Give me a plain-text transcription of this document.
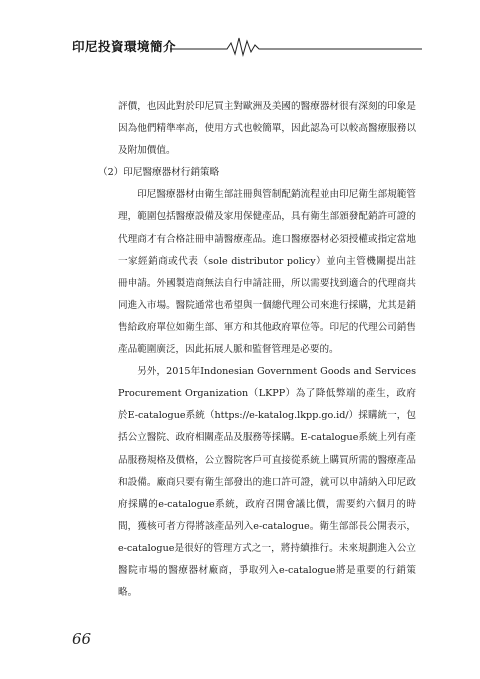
印尼投資環境簡介

評價，也因此對於印尼買主對歐洲及美國的醫療器材很有深刻的印象是因為他們精準率高，使用方式也較簡單，因此認為可以較高醫療服務以及附加價值。

（2）印尼醫療器材行銷策略

印尼醫療器材由衛生部註冊與管制配銷流程並由印尼衛生部規範管理，範圍包括醫療設備及家用保健產品，具有衛生部頒發配銷許可證的代理商才有合格註冊申請醫療產品。進口醫療器材必須授權或指定當地一家經銷商或代表（sole distributor policy）並向主管機關提出註冊申請。外國製造商無法自行申請註冊，所以需要找到適合的代理商共同進入市場。醫院通常也希望與一個總代理公司來進行採購，尤其是銷售給政府單位如衛生部、軍方和其他政府單位等。印尼的代理公司銷售產品範圍廣泛，因此拓展人脈和監督管理是必要的。

另外，2015年Indonesian Government Goods and Services Procurement Organization（LKPP）為了降低弊端的產生，政府於E-catalogue系統（https://e-katalog.lkpp.go.id/）採購統一，包括公立醫院、政府相關產品及服務等採購。E-catalogue系統上列有產品服務規格及價格，公立醫院客戶可直接從系統上購買所需的醫療產品和設備。廠商只要有衛生部發出的進口許可證，就可以申請納入印尼政府採購的e-catalogue系統，政府召開會議比價，需要約六個月的時間，獲核可者方得將該產品列入e-catalogue。衛生部部長公開表示，e-catalogue是很好的管理方式之一，將持續推行。未來規劃進入公立醫院市場的醫療器材廠商，爭取列入e-catalogue將是重要的行銷策略。

66
